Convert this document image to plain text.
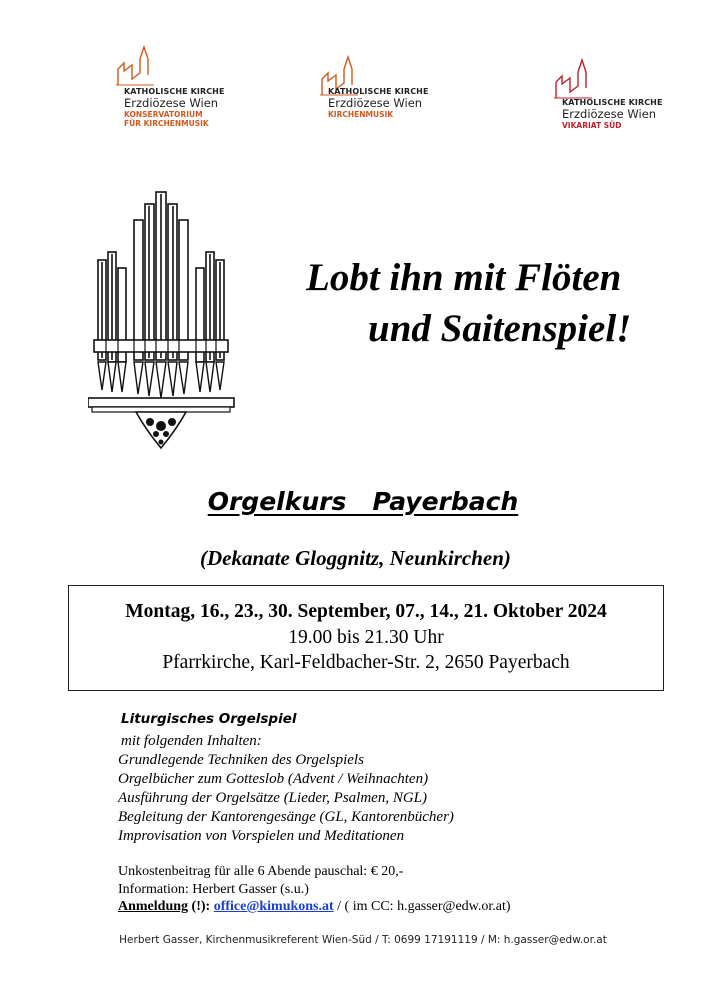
KATHOLISCHE KIRCHE
Erzdiözese Wien
KONSERVATORIUM
FÜR KIRCHENMUSIK
KATHOLISCHE KIRCHE
Erzdiözese Wien
KIRCHENMUSIK
KATHOLISCHE KIRCHE
Erzdiözese Wien
VIKARIAT SÜD
Lobt ihn mit Flöten
und Saitenspiel!
Orgelkurs   Payerbach
(Dekanate Gloggnitz, Neunkirchen)
Montag, 16., 23., 30. September, 07., 14., 21. Oktober 2024
19.00 bis 21.30 Uhr
Pfarrkirche, Karl-Feldbacher-Str. 2, 2650 Payerbach
Liturgisches Orgelspiel
mit folgenden Inhalten:
Grundlegende Techniken des Orgelspiels
Orgelbücher zum Gotteslob (Advent / Weihnachten)
Ausführung der Orgelsätze (Lieder, Psalmen, NGL)
Begleitung der Kantorengesänge (GL, Kantorenbücher)
Improvisation von Vorspielen und Meditationen
Unkostenbeitrag für alle 6 Abende pauschal: € 20,-
Information: Herbert Gasser (s.u.)
Anmeldung (!): office@kimukons.at / ( im CC: h.gasser@edw.or.at)
Herbert Gasser, Kirchenmusikreferent Wien-Süd / T: 0699 17191119 / M: h.gasser@edw.or.at
